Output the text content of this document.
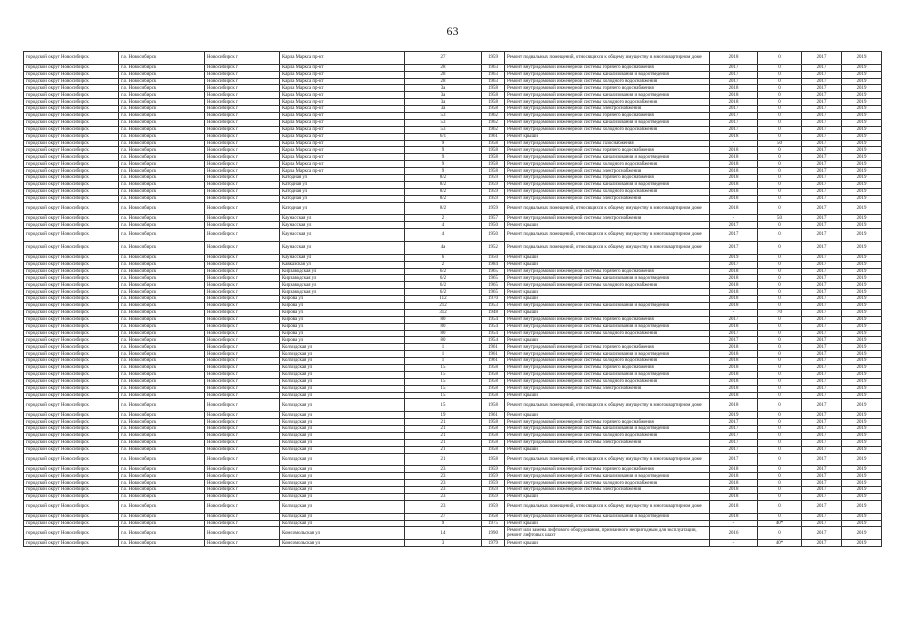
63
городской округ Новосибирск	г.о. Новосибирск	Новосибирск г	Карла Маркса пр-кт	27	1959	Ремонт подвальных помещений, относящихся к общему имуществу в многоквартирном доме	2018	0	2017	2019
городской округ Новосибирск	г.о. Новосибирск	Новосибирск г	Карла Маркса пр-кт	28	1963	Ремонт внутридомовой инженерной системы горячего водоснабжения	2017	0	2017	2019
городской округ Новосибирск	г.о. Новосибирск	Новосибирск г	Карла Маркса пр-кт	28	1963	Ремонт внутридомовой инженерной системы канализования и водоотведения	2017	0	2017	2019
городской округ Новосибирск	г.о. Новосибирск	Новосибирск г	Карла Маркса пр-кт	28	1963	Ремонт внутридомовой инженерной системы холодного водоснабжения	2017	0	2017	2019
городской округ Новосибирск	г.о. Новосибирск	Новосибирск г	Карла Маркса пр-кт	3а	1958	Ремонт внутридомовой инженерной системы горячего водоснабжения	2018	0	2017	2019
городской округ Новосибирск	г.о. Новосибирск	Новосибирск г	Карла Маркса пр-кт	3а	1958	Ремонт внутридомовой инженерной системы канализования и водоотведения	2018	0	2017	2019
городской округ Новосибирск	г.о. Новосибирск	Новосибирск г	Карла Маркса пр-кт	3а	1958	Ремонт внутридомовой инженерной системы холодного водоснабжения	2018	0	2017	2019
городской округ Новосибирск	г.о. Новосибирск	Новосибирск г	Карла Маркса пр-кт	3а	1958	Ремонт внутридомовой инженерной системы электроснабжения	2017	0	2017	2019
городской округ Новосибирск	г.о. Новосибирск	Новосибирск г	Карла Маркса пр-кт	53	1962	Ремонт внутридомовой инженерной системы горячего водоснабжения	2017	0	2017	2019
городской округ Новосибирск	г.о. Новосибирск	Новосибирск г	Карла Маркса пр-кт	53	1962	Ремонт внутридомовой инженерной системы канализования и водоотведения	2017	0	2017	2019
городской округ Новосибирск	г.о. Новосибирск	Новосибирск г	Карла Маркса пр-кт	53	1962	Ремонт внутридомовой инженерной системы холодного водоснабжения	2017	0	2017	2019
городской округ Новосибирск	г.о. Новосибирск	Новосибирск г	Карла Маркса пр-кт	6/1	1961	Ремонт крыши	2018	0	2017	2019
городской округ Новосибирск	г.о. Новосибирск	Новосибирск г	Карла Маркса пр-кт	9	1958	Ремонт внутридомовой инженерной системы газоснабжения	-	50	2017	2019
городской округ Новосибирск	г.о. Новосибирск	Новосибирск г	Карла Маркса пр-кт	9	1958	Ремонт внутридомовой инженерной системы горячего водоснабжения	2018	0	2017	2019
городской округ Новосибирск	г.о. Новосибирск	Новосибирск г	Карла Маркса пр-кт	9	1958	Ремонт внутридомовой инженерной системы канализования и водоотведения	2018	0	2017	2019
городской округ Новосибирск	г.о. Новосибирск	Новосибирск г	Карла Маркса пр-кт	9	1958	Ремонт внутридомовой инженерной системы холодного водоснабжения	2018	0	2017	2019
городской округ Новосибирск	г.о. Новосибирск	Новосибирск г	Карла Маркса пр-кт	9	1958	Ремонт внутридомовой инженерной системы электроснабжения	2018	0	2017	2019
городской округ Новосибирск	г.о. Новосибирск	Новосибирск г	Катодная ул	8/2	1959	Ремонт внутридомовой инженерной системы горячего водоснабжения	2018	0	2017	2019
городской округ Новосибирск	г.о. Новосибирск	Новосибирск г	Катодная ул	8/2	1959	Ремонт внутридомовой инженерной системы канализования и водоотведения	2018	0	2017	2019
городской округ Новосибирск	г.о. Новосибирск	Новосибирск г	Катодная ул	8/2	1959	Ремонт внутридомовой инженерной системы холодного водоснабжения	2018	0	2017	2019
городской округ Новосибирск	г.о. Новосибирск	Новосибирск г	Катодная ул	8/2	1959	Ремонт внутридомовой инженерной системы электроснабжения	2018	0	2017	2019
городской округ Новосибирск	г.о. Новосибирск	Новосибирск г	Катодная ул	8/2	1959	Ремонт подвальных помещений, относящихся к общему имуществу в многоквартирном доме	2018	0	2017	2019
городской округ Новосибирск	г.о. Новосибирск	Новосибирск г	Каунасская ул	2	1957	Ремонт внутридомовой инженерной системы электроснабжения	-	50	2017	2019
городской округ Новосибирск	г.о. Новосибирск	Новосибирск г	Каунасская ул	4	1950	Ремонт крыши	2017	0	2017	2019
городской округ Новосибирск	г.о. Новосибирск	Новосибирск г	Каунасская ул	4	1950	Ремонт подвальных помещений, относящихся к общему имуществу в многоквартирном доме	2017	0	2017	2019
городской округ Новосибирск	г.о. Новосибирск	Новосибирск г	Каунасская ул	4а	1952	Ремонт подвальных помещений, относящихся к общему имуществу в многоквартирном доме	2017	0	2017	2019
городской округ Новосибирск	г.о. Новосибирск	Новосибирск г	Каунасская ул	6	1950	Ремонт крыши	2019	0	2017	2019
городской округ Новосибирск	г.о. Новосибирск	Новосибирск г	Кавказская ул	2	1984	Ремонт крыши	2017	0	2017	2019
городской округ Новосибирск	г.о. Новосибирск	Новосибирск г	Кирзаводская ул	6/2	1965	Ремонт внутридомовой инженерной системы горячего водоснабжения	2018	0	2017	2019
городской округ Новосибирск	г.о. Новосибирск	Новосибирск г	Кирзаводская ул	6/2	1965	Ремонт внутридомовой инженерной системы канализования и водоотведения	2018	0	2017	2019
городской округ Новосибирск	г.о. Новосибирск	Новосибирск г	Кирзаводская ул	6/2	1965	Ремонт внутридомовой инженерной системы холодного водоснабжения	2018	0	2017	2019
городской округ Новосибирск	г.о. Новосибирск	Новосибирск г	Кирзаводская ул	6/2	1965	Ремонт крыши	2018	0	2017	2019
городской округ Новосибирск	г.о. Новосибирск	Новосибирск г	Кирова ул	112	1970	Ремонт крыши	2018	0	2017	2019
городской округ Новосибирск	г.о. Новосибирск	Новосибирск г	Кирова ул	212	1953	Ремонт внутридомовой инженерной системы канализования и водоотведения	2018	0	2017	2019
городской округ Новосибирск	г.о. Новосибирск	Новосибирск г	Кирова ул	312	1948	Ремонт крыши	-	70	2017	2019
городской округ Новосибирск	г.о. Новосибирск	Новосибирск г	Кирова ул	80	1954	Ремонт внутридомовой инженерной системы горячего водоснабжения	2017	0	2017	2019
городской округ Новосибирск	г.о. Новосибирск	Новосибирск г	Кирова ул	80	1954	Ремонт внутридомовой инженерной системы канализования и водоотведения	2018	0	2017	2019
городской округ Новосибирск	г.о. Новосибирск	Новосибирск г	Кирова ул	80	1954	Ремонт внутридомовой инженерной системы холодного водоснабжения	2017	0	2017	2019
городской округ Новосибирск	г.о. Новосибирск	Новосибирск г	Кирова ул	80	1954	Ремонт крыши	2017	0	2017	2019
городской округ Новосибирск	г.о. Новосибирск	Новосибирск г	Колхидская ул	1	1961	Ремонт внутридомовой инженерной системы горячего водоснабжения	2018	0	2017	2019
городской округ Новосибирск	г.о. Новосибирск	Новосибирск г	Колхидская ул	1	1961	Ремонт внутридомовой инженерной системы канализования и водоотведения	2018	0	2017	2019
городской округ Новосибирск	г.о. Новосибирск	Новосибирск г	Колхидская ул	1	1961	Ремонт внутридомовой инженерной системы холодного водоснабжения	2018	0	2017	2019
городской округ Новосибирск	г.о. Новосибирск	Новосибирск г	Колхидская ул	15	1958	Ремонт внутридомовой инженерной системы горячего водоснабжения	2018	0	2017	2019
городской округ Новосибирск	г.о. Новосибирск	Новосибирск г	Колхидская ул	15	1958	Ремонт внутридомовой инженерной системы канализования и водоотведения	2018	0	2017	2019
городской округ Новосибирск	г.о. Новосибирск	Новосибирск г	Колхидская ул	15	1958	Ремонт внутридомовой инженерной системы холодного водоснабжения	2018	0	2017	2019
городской округ Новосибирск	г.о. Новосибирск	Новосибирск г	Колхидская ул	15	1958	Ремонт внутридомовой инженерной системы электроснабжения	2018	0	2017	2019
городской округ Новосибирск	г.о. Новосибирск	Новосибирск г	Колхидская ул	15	1958	Ремонт крыши	2018	0	2017	2019
городской округ Новосибирск	г.о. Новосибирск	Новосибирск г	Колхидская ул	15	1958	Ремонт подвальных помещений, относящихся к общему имуществу в многоквартирном доме	2018	0	2017	2019
городской округ Новосибирск	г.о. Новосибирск	Новосибирск г	Колхидская ул	19	1961	Ремонт крыши	2019	0	2017	2019
городской округ Новосибирск	г.о. Новосибирск	Новосибирск г	Колхидская ул	21	1958	Ремонт внутридомовой инженерной системы горячего водоснабжения	2017	0	2017	2019
городской округ Новосибирск	г.о. Новосибирск	Новосибирск г	Колхидская ул	21	1958	Ремонт внутридомовой инженерной системы канализования и водоотведения	2017	0	2017	2019
городской округ Новосибирск	г.о. Новосибирск	Новосибирск г	Колхидская ул	21	1958	Ремонт внутридомовой инженерной системы холодного водоснабжения	2017	0	2017	2019
городской округ Новосибирск	г.о. Новосибирск	Новосибирск г	Колхидская ул	21	1958	Ремонт внутридомовой инженерной системы электроснабжения	2017	0	2017	2019
городской округ Новосибирск	г.о. Новосибирск	Новосибирск г	Колхидская ул	21	1958	Ремонт крыши	2017	0	2017	2019
городской округ Новосибирск	г.о. Новосибирск	Новосибирск г	Колхидская ул	21	1958	Ремонт подвальных помещений, относящихся к общему имуществу в многоквартирном доме	2017	0	2017	2019
городской округ Новосибирск	г.о. Новосибирск	Новосибирск г	Колхидская ул	23	1959	Ремонт внутридомовой инженерной системы горячего водоснабжения	2018	0	2017	2019
городской округ Новосибирск	г.о. Новосибирск	Новосибирск г	Колхидская ул	23	1959	Ремонт внутридомовой инженерной системы канализования и водоотведения	2018	0	2017	2019
городской округ Новосибирск	г.о. Новосибирск	Новосибирск г	Колхидская ул	23	1959	Ремонт внутридомовой инженерной системы холодного водоснабжения	2018	0	2017	2019
городской округ Новосибирск	г.о. Новосибирск	Новосибирск г	Колхидская ул	23	1959	Ремонт внутридомовой инженерной системы электроснабжения	2018	0	2017	2019
городской округ Новосибирск	г.о. Новосибирск	Новосибирск г	Колхидская ул	23	1959	Ремонт крыши	2018	0	2017	2019
городской округ Новосибирск	г.о. Новосибирск	Новосибирск г	Колхидская ул	23	1959	Ремонт подвальных помещений, относящихся к общему имуществу в многоквартирном доме	2018	0	2017	2019
городской округ Новосибирск	г.о. Новосибирск	Новосибирск г	Колхидская ул	27	1958	Ремонт внутридомовой инженерной системы канализования и водоотведения	2018	0	2017	2019
городской округ Новосибирск	г.о. Новосибирск	Новосибирск г	Колхидская ул	9	1975	Ремонт крыши	-	40*	2017	2019
городской округ Новосибирск	г.о. Новосибирск	Новосибирск г	Комсомольская ул	14	1990	Ремонт или замена лифтового оборудования, признанного непригодным для эксплуатации, ремонт лифтовых шахт	2016	0	2017	2019
городской округ Новосибирск	г.о. Новосибирск	Новосибирск г	Комсомольская ул	3	1979	Ремонт крыши	-	40*	2017	2019
